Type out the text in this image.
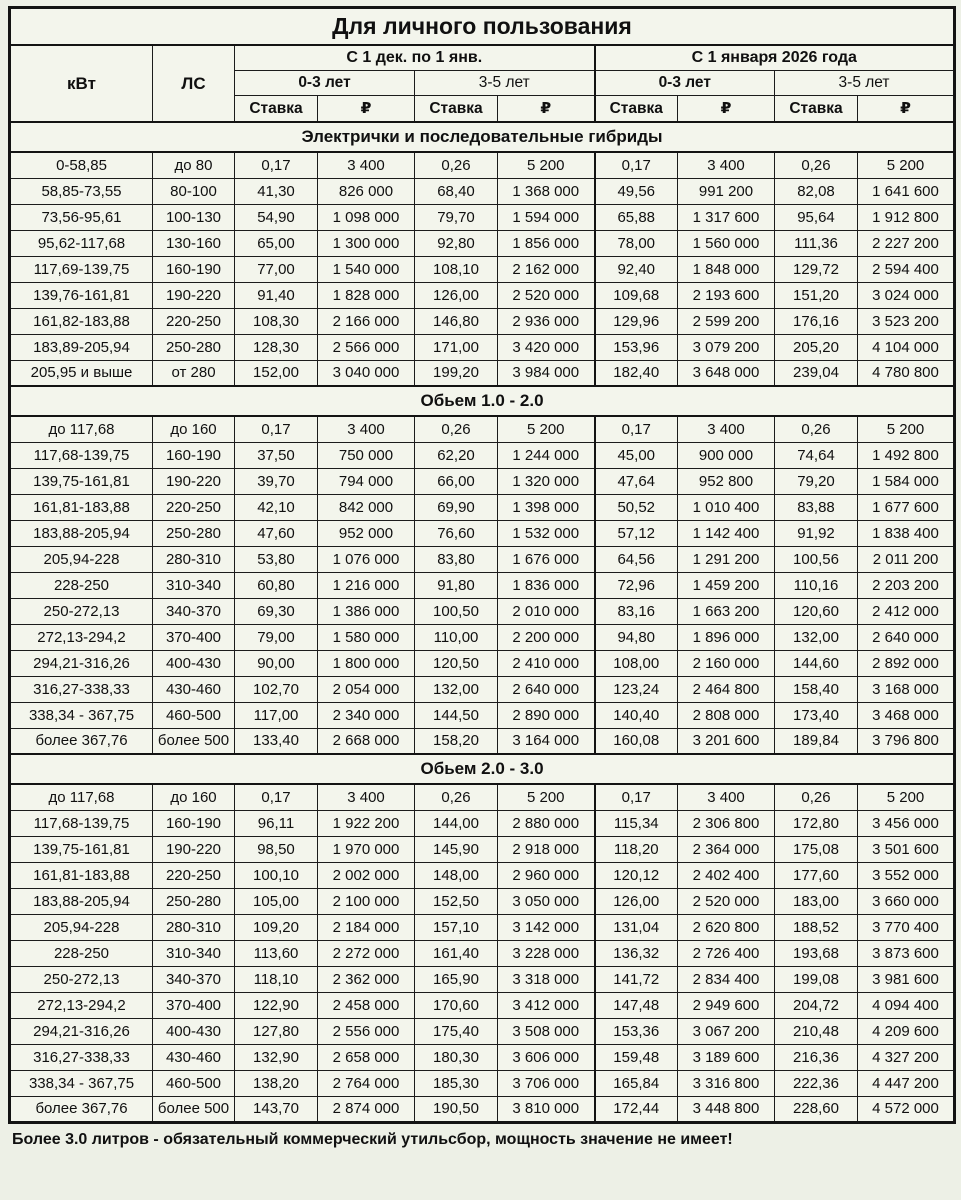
Для личного пользования									
кВт	ЛС	С 1 дек. по 1 янв.				С 1 января 2026 года			
		0-3 лет		3-5 лет		0-3 лет		3-5 лет	
		Ставка	₽	Ставка	₽	Ставка	₽	Ставка	₽
Электрички и последовательные гибриды									
0-58,85	до 80	0,17	3 400	0,26	5 200	0,17	3 400	0,26	5 200
58,85-73,55	80-100	41,30	826 000	68,40	1 368 000	49,56	991 200	82,08	1 641 600
73,56-95,61	100-130	54,90	1 098 000	79,70	1 594 000	65,88	1 317 600	95,64	1 912 800
95,62-117,68	130-160	65,00	1 300 000	92,80	1 856 000	78,00	1 560 000	111,36	2 227 200
117,69-139,75	160-190	77,00	1 540 000	108,10	2 162 000	92,40	1 848 000	129,72	2 594 400
139,76-161,81	190-220	91,40	1 828 000	126,00	2 520 000	109,68	2 193 600	151,20	3 024 000
161,82-183,88	220-250	108,30	2 166 000	146,80	2 936 000	129,96	2 599 200	176,16	3 523 200
183,89-205,94	250-280	128,30	2 566 000	171,00	3 420 000	153,96	3 079 200	205,20	4 104 000
205,95 и выше	от 280	152,00	3 040 000	199,20	3 984 000	182,40	3 648 000	239,04	4 780 800
Обьем 1.0 - 2.0									
до 117,68	до 160	0,17	3 400	0,26	5 200	0,17	3 400	0,26	5 200
117,68-139,75	160-190	37,50	750 000	62,20	1 244 000	45,00	900 000	74,64	1 492 800
139,75-161,81	190-220	39,70	794 000	66,00	1 320 000	47,64	952 800	79,20	1 584 000
161,81-183,88	220-250	42,10	842 000	69,90	1 398 000	50,52	1 010 400	83,88	1 677 600
183,88-205,94	250-280	47,60	952 000	76,60	1 532 000	57,12	1 142 400	91,92	1 838 400
205,94-228	280-310	53,80	1 076 000	83,80	1 676 000	64,56	1 291 200	100,56	2 011 200
228-250	310-340	60,80	1 216 000	91,80	1 836 000	72,96	1 459 200	110,16	2 203 200
250-272,13	340-370	69,30	1 386 000	100,50	2 010 000	83,16	1 663 200	120,60	2 412 000
272,13-294,2	370-400	79,00	1 580 000	110,00	2 200 000	94,80	1 896 000	132,00	2 640 000
294,21-316,26	400-430	90,00	1 800 000	120,50	2 410 000	108,00	2 160 000	144,60	2 892 000
316,27-338,33	430-460	102,70	2 054 000	132,00	2 640 000	123,24	2 464 800	158,40	3 168 000
338,34 - 367,75	460-500	117,00	2 340 000	144,50	2 890 000	140,40	2 808 000	173,40	3 468 000
более 367,76	более 500	133,40	2 668 000	158,20	3 164 000	160,08	3 201 600	189,84	3 796 800
Обьем 2.0 - 3.0									
до 117,68	до 160	0,17	3 400	0,26	5 200	0,17	3 400	0,26	5 200
117,68-139,75	160-190	96,11	1 922 200	144,00	2 880 000	115,34	2 306 800	172,80	3 456 000
139,75-161,81	190-220	98,50	1 970 000	145,90	2 918 000	118,20	2 364 000	175,08	3 501 600
161,81-183,88	220-250	100,10	2 002 000	148,00	2 960 000	120,12	2 402 400	177,60	3 552 000
183,88-205,94	250-280	105,00	2 100 000	152,50	3 050 000	126,00	2 520 000	183,00	3 660 000
205,94-228	280-310	109,20	2 184 000	157,10	3 142 000	131,04	2 620 800	188,52	3 770 400
228-250	310-340	113,60	2 272 000	161,40	3 228 000	136,32	2 726 400	193,68	3 873 600
250-272,13	340-370	118,10	2 362 000	165,90	3 318 000	141,72	2 834 400	199,08	3 981 600
272,13-294,2	370-400	122,90	2 458 000	170,60	3 412 000	147,48	2 949 600	204,72	4 094 400
294,21-316,26	400-430	127,80	2 556 000	175,40	3 508 000	153,36	3 067 200	210,48	4 209 600
316,27-338,33	430-460	132,90	2 658 000	180,30	3 606 000	159,48	3 189 600	216,36	4 327 200
338,34 - 367,75	460-500	138,20	2 764 000	185,30	3 706 000	165,84	3 316 800	222,36	4 447 200
более 367,76	более 500	143,70	2 874 000	190,50	3 810 000	172,44	3 448 800	228,60	4 572 000
Более 3.0 литров - обязательный коммерческий утильсбор, мощность значение не имеет!
